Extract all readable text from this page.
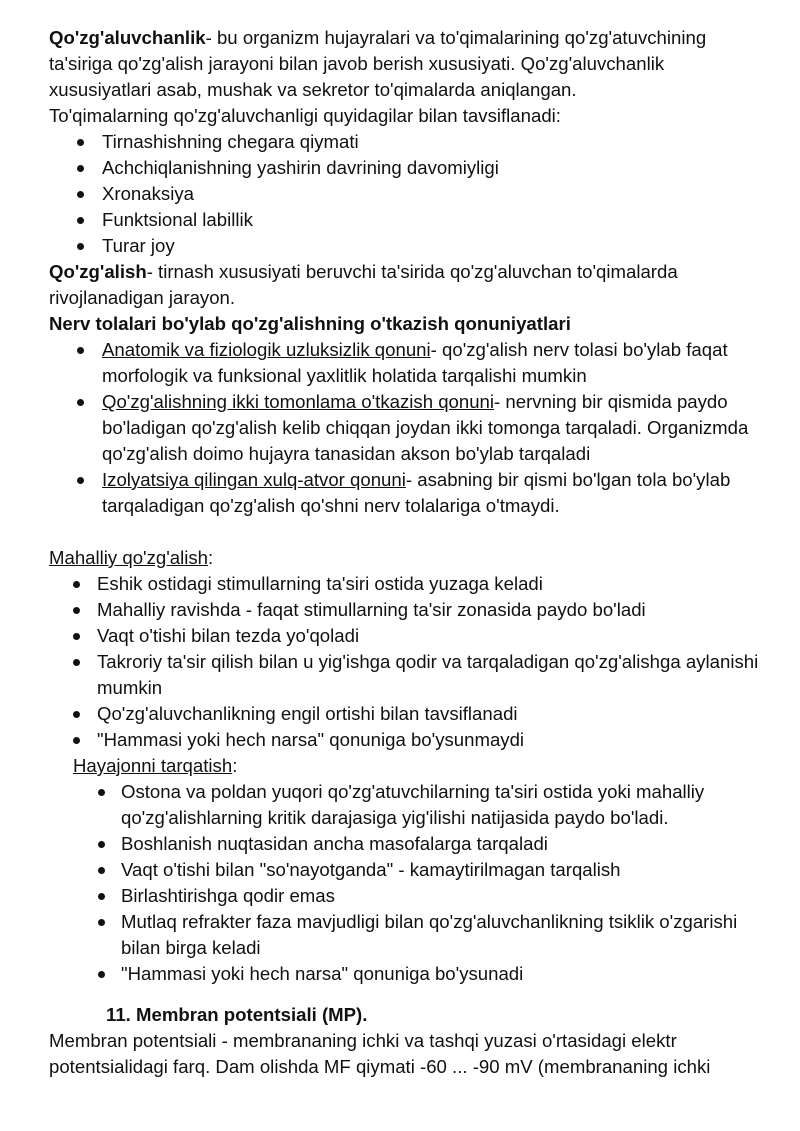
Qo'zg'aluvchanlik- bu organizm hujayralari va to'qimalarining qo'zg'atuvchining ta'siriga qo'zg'alish jarayoni bilan javob berish xususiyati. Qo'zg'aluvchanlik xususiyatlari asab, mushak va sekretor to'qimalarda aniqlangan.

To'qimalarning qo'zg'aluvchanligi quyidagilar bilan tavsiflanadi:

Tirnashishning chegara qiymati
Achchiqlanishning yashirin davrining davomiyligi
Xronaksiya
Funktsional labillik
Turar joy

Qo'zg'alish- tirnash xususiyati beruvchi ta'sirida qo'zg'aluvchan to'qimalarda rivojlanadigan jarayon.

Nerv tolalari bo'ylab qo'zg'alishning o'tkazish qonuniyatlari

Anatomik va fiziologik uzluksizlik qonuni- qo'zg'alish nerv tolasi bo'ylab faqat morfologik va funksional yaxlitlik holatida tarqalishi mumkin
Qo'zg'alishning ikki tomonlama o'tkazish qonuni- nervning bir qismida paydo bo'ladigan qo'zg'alish kelib chiqqan joydan ikki tomonga tarqaladi. Organizmda qo'zg'alish doimo hujayra tanasidan akson bo'ylab tarqaladi
Izolyatsiya qilingan xulq-atvor qonuni- asabning bir qismi bo'lgan tola bo'ylab tarqaladigan qo'zg'alish qo'shni nerv tolalariga o'tmaydi.

Mahalliy qo'zg'alish:

Eshik ostidagi stimullarning ta'siri ostida yuzaga keladi
Mahalliy ravishda - faqat stimullarning ta'sir zonasida paydo bo'ladi
Vaqt o'tishi bilan tezda yo'qoladi
Takroriy ta'sir qilish bilan u yig'ishga qodir va tarqaladigan qo'zg'alishga aylanishi mumkin
Qo'zg'aluvchanlikning engil ortishi bilan tavsiflanadi
"Hammasi yoki hech narsa" qonuniga bo'ysunmaydi

Hayajonni tarqatish:

Ostona va poldan yuqori qo'zg'atuvchilarning ta'siri ostida yoki mahalliy qo'zg'alishlarning kritik darajasiga yig'ilishi natijasida paydo bo'ladi.
Boshlanish nuqtasidan ancha masofalarga tarqaladi
Vaqt o'tishi bilan "so'nayotganda" - kamaytirilmagan tarqalish
Birlashtirishga qodir emas
Mutlaq refrakter faza mavjudligi bilan qo'zg'aluvchanlikning tsiklik o'zgarishi bilan birga keladi
"Hammasi yoki hech narsa" qonuniga bo'ysunadi

11. Membran potentsiali (MP).

Membran potentsiali - membrananing ichki va tashqi yuzasi o'rtasidagi elektr potentsialidagi farq. Dam olishda MF qiymati -60 ... -90 mV (membrananing ichki
